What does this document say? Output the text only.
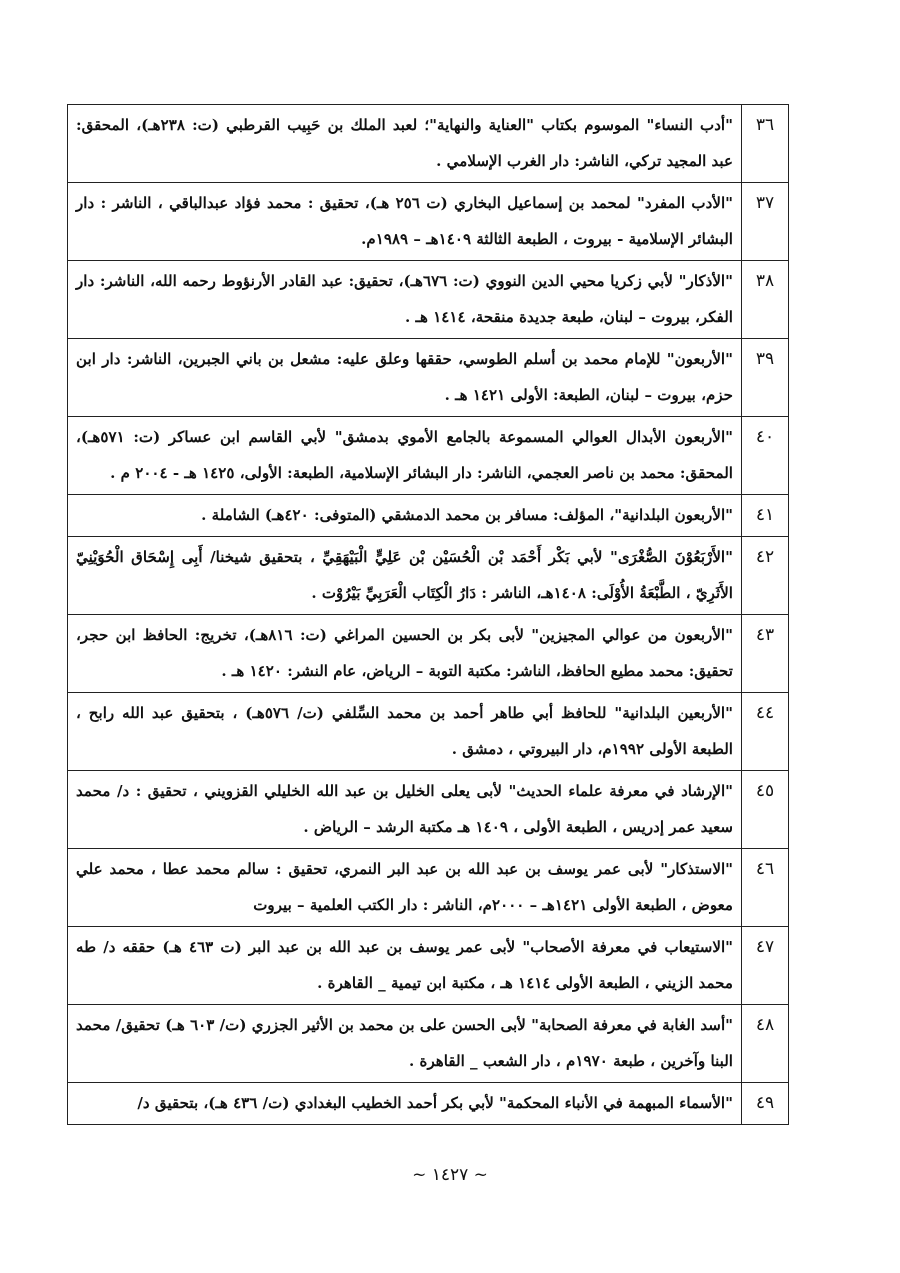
٣٦	"أدب النساء" الموسوم بكتاب "العناية والنهاية"؛ لعبد الملك بن حَبِيب القرطبي (ت: ٢٣٨هـ)، المحقق: عبد المجيد تركي، الناشر: دار الغرب الإسلامي .
٣٧	"الأدب المفرد" لمحمد بن إسماعيل البخاري (ت ٢٥٦ هـ)، تحقيق : محمد فؤاد عبدالباقي ، الناشر : دار البشائر الإسلامية - بيروت ، الطبعة الثالثة ١٤٠٩هـ – ١٩٨٩م.
٣٨	"الأذكار" لأبي زكريا محيي الدين النووي (ت: ٦٧٦هـ)، تحقيق: عبد القادر الأرنؤوط رحمه الله، الناشر: دار الفكر، بيروت – لبنان، طبعة جديدة منقحة، ١٤١٤ هـ .
٣٩	"الأربعون" للإمام محمد بن أسلم الطوسي، حققها وعلق عليه: مشعل بن باني الجبرين، الناشر: دار ابن حزم، بيروت – لبنان، الطبعة: الأولى ١٤٢١ هـ .
٤٠	"الأربعون الأبدال العوالي المسموعة بالجامع الأموي بدمشق" لأبي القاسم ابن عساكر (ت: ٥٧١هـ)، المحقق: محمد بن ناصر العجمي، الناشر: دار البشائر الإسلامية، الطبعة: الأولى، ١٤٢٥ هـ - ٢٠٠٤ م .
٤١	"الأربعون البلدانية"، المؤلف: مسافر بن محمد الدمشقي (المتوفى: ٤٢٠هـ) الشاملة .
٤٢	"الأَرْبَعُوْنَ الصُّغْرَى" لأبي بَكْر أَحْمَد بْن الْحُسَيْن بْن عَلِيٍّ الْبَيْهَقِيِّ ، بتحقيق شيخنا/ أَبِى إِسْحَاق الْحُوَيْنِيّ الأَثَرِيّ ، الطَّبْعَةُ الأُوْلَى: ١٤٠٨هـ، الناشر : دَارُ الْكِتَاب الْعَرَبِيِّ بَيْرُوْت .
٤٣	"الأربعون من عوالي المجيزين" لأبى بكر بن الحسين المراغي (ت: ٨١٦هـ)، تخريج: الحافظ ابن حجر، تحقيق: محمد مطيع الحافظ، الناشر: مكتبة التوبة – الرياض، عام النشر: ١٤٢٠ هـ .
٤٤	"الأربعين البلدانية" للحافظ أبي طاهر أحمد بن محمد السِّلفي (ت/ ٥٧٦هـ) ، بتحقيق عبد الله رابح ، الطبعة الأولى ١٩٩٢م، دار البيروتي ، دمشق .
٤٥	"الإرشاد في معرفة علماء الحديث" لأبى يعلى الخليل بن عبد الله الخليلي القزويني ، تحقيق : د/ محمد سعيد عمر إدريس ، الطبعة الأولى ، ١٤٠٩ هـ مكتبة الرشد – الرياض .
٤٦	"الاستذكار" لأبى عمر يوسف بن عبد الله بن عبد البر النمري، تحقيق : سالم محمد عطا ، محمد علي معوض ، الطبعة الأولى ١٤٢١هـ – ٢٠٠٠م، الناشر : دار الكتب العلمية – بيروت
٤٧	"الاستيعاب في معرفة الأصحاب" لأبى عمر يوسف بن عبد الله بن عبد البر (ت ٤٦٣ هـ) حققه د/ طه محمد الزيني ، الطبعة الأولى ١٤١٤ هـ ، مكتبة ابن تيمية _ القاهرة .
٤٨	"أسد الغابة في معرفة الصحابة" لأبى الحسن على بن محمد بن الأثير الجزري (ت/ ٦٠٣ هـ) تحقيق/ محمد البنا وآخرين ، طبعة ١٩٧٠م ، دار الشعب _ القاهرة .
٤٩	"الأسماء المبهمة في الأنباء المحكمة" لأبي بكر أحمد الخطيب البغدادي (ت/ ٤٣٦ هـ)، بتحقيق د/
~ ١٤٢٧ ~
